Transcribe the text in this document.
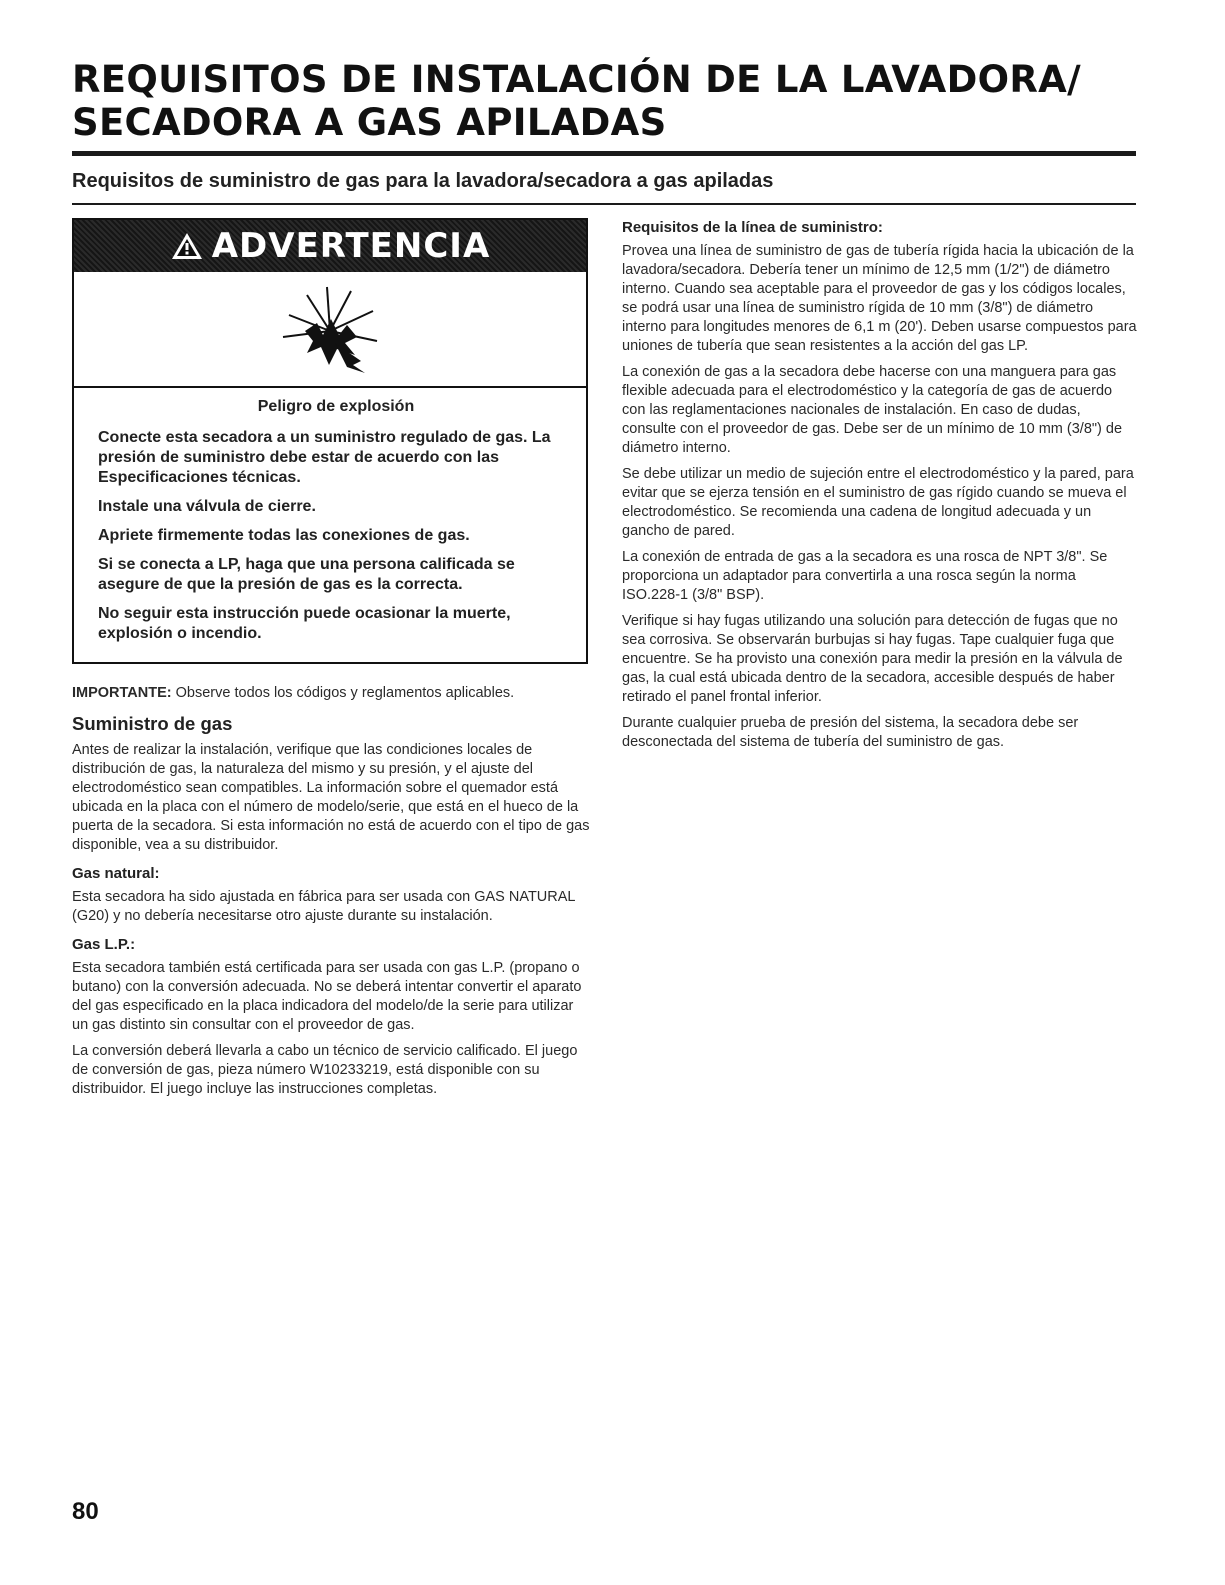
REQUISITOS DE INSTALACIÓN DE LA LAVADORA/
SECADORA A GAS APILADAS
Requisitos de suministro de gas para la lavadora/secadora a gas apiladas
ADVERTENCIA

Peligro de explosión

Conecte esta secadora a un suministro regulado de gas. La presión de suministro debe estar de acuerdo con las Especificaciones técnicas.

Instale una válvula de cierre.

Apriete firmemente todas las conexiones de gas.

Si se conecta a LP, haga que una persona calificada se asegure de que la presión de gas es la correcta.

No seguir esta instrucción puede ocasionar la muerte, explosión o incendio.

IMPORTANTE: Observe todos los códigos y reglamentos aplicables.

Suministro de gas

Antes de realizar la instalación, verifique que las condiciones locales de distribución de gas, la naturaleza del mismo y su presión, y el ajuste del electrodoméstico sean compatibles. La información sobre el quemador está ubicada en la placa con el número de modelo/serie, que está en el hueco de la puerta de la secadora. Si esta información no está de acuerdo con el tipo de gas disponible, vea a su distribuidor.

Gas natural:

Esta secadora ha sido ajustada en fábrica para ser usada con GAS NATURAL (G20) y no debería necesitarse otro ajuste durante su instalación.

Gas L.P.:

Esta secadora también está certificada para ser usada con gas L.P. (propano o butano) con la conversión adecuada. No se deberá intentar convertir el aparato del gas especificado en la placa indicadora del modelo/de la serie para utilizar un gas distinto sin consultar con el proveedor de gas.

La conversión deberá llevarla a cabo un técnico de servicio calificado. El juego de conversión de gas, pieza número W10233219, está disponible con su distribuidor. El juego incluye las instrucciones completas.

Requisitos de la línea de suministro:

Provea una línea de suministro de gas de tubería rígida hacia la ubicación de la lavadora/secadora. Debería tener un mínimo de 12,5 mm (1/2") de diámetro interno. Cuando sea aceptable para el proveedor de gas y los códigos locales, se podrá usar una línea de suministro rígida de 10 mm (3/8") de diámetro interno para longitudes menores de 6,1 m (20'). Deben usarse compuestos para uniones de tubería que sean resistentes a la acción del gas LP.

La conexión de gas a la secadora debe hacerse con una manguera para gas flexible adecuada para el electrodoméstico y la categoría de gas de acuerdo con las reglamentaciones nacionales de instalación. En caso de dudas, consulte con el proveedor de gas. Debe ser de un mínimo de 10 mm (3/8") de diámetro interno.

Se debe utilizar un medio de sujeción entre el electrodoméstico y la pared, para evitar que se ejerza tensión en el suministro de gas rígido cuando se mueva el electrodoméstico. Se recomienda una cadena de longitud adecuada y un gancho de pared.

La conexión de entrada de gas a la secadora es una rosca de NPT 3/8". Se proporciona un adaptador para convertirla a una rosca según la norma ISO.228-1 (3/8" BSP).

Verifique si hay fugas utilizando una solución para detección de fugas que no sea corrosiva. Se observarán burbujas si hay fugas. Tape cualquier fuga que encuentre. Se ha provisto una conexión para medir la presión en la válvula de gas, la cual está ubicada dentro de la secadora, accesible después de haber retirado el panel frontal inferior.

Durante cualquier prueba de presión del sistema, la secadora debe ser desconectada del sistema de tubería del suministro de gas.

80
